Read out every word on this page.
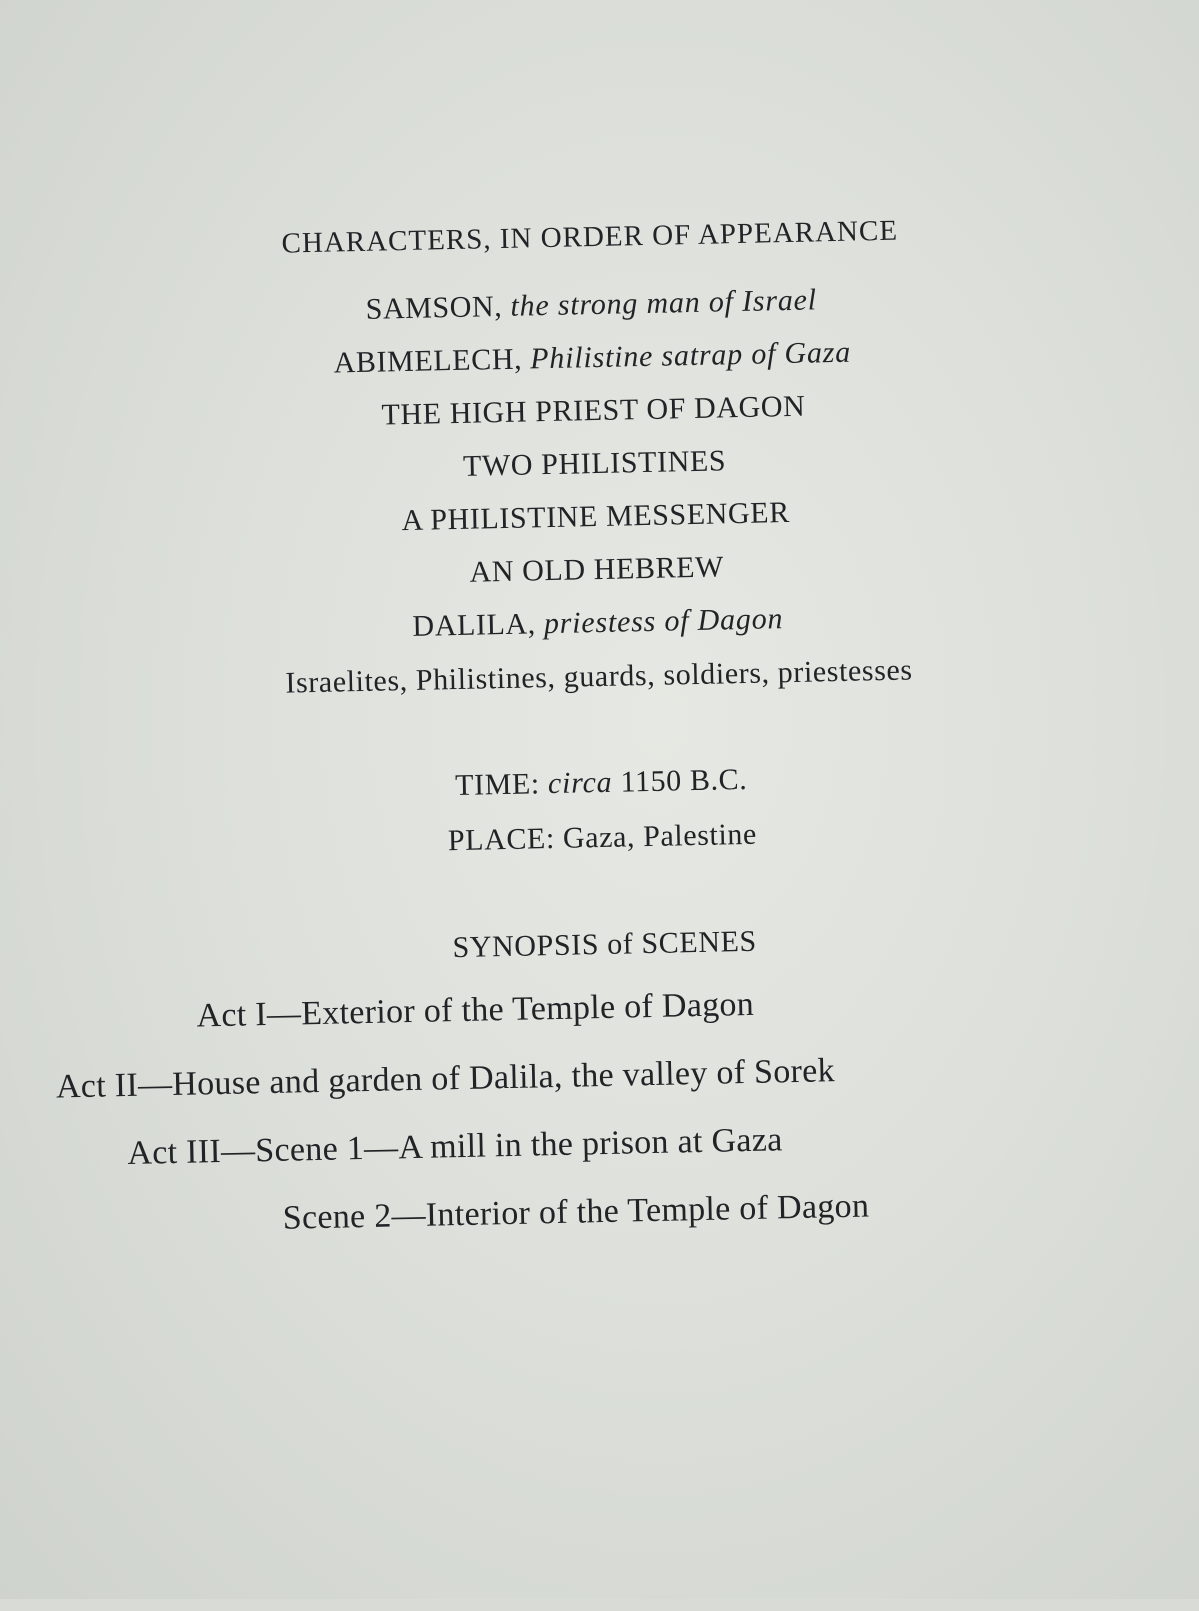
CHARACTERS, IN ORDER OF APPEARANCE
SAMSON, the strong man of Israel
ABIMELECH, Philistine satrap of Gaza
THE HIGH PRIEST OF DAGON
TWO PHILISTINES
A PHILISTINE MESSENGER
AN OLD HEBREW
DALILA, priestess of Dagon
Israelites, Philistines, guards, soldiers, priestesses
TIME: circa 1150 B.C.
PLACE: Gaza, Palestine
SYNOPSIS of SCENES
Act I—Exterior of the Temple of Dagon
Act II—House and garden of Dalila, the valley of Sorek
Act III—Scene 1—A mill in the prison at Gaza
Scene 2—Interior of the Temple of Dagon
